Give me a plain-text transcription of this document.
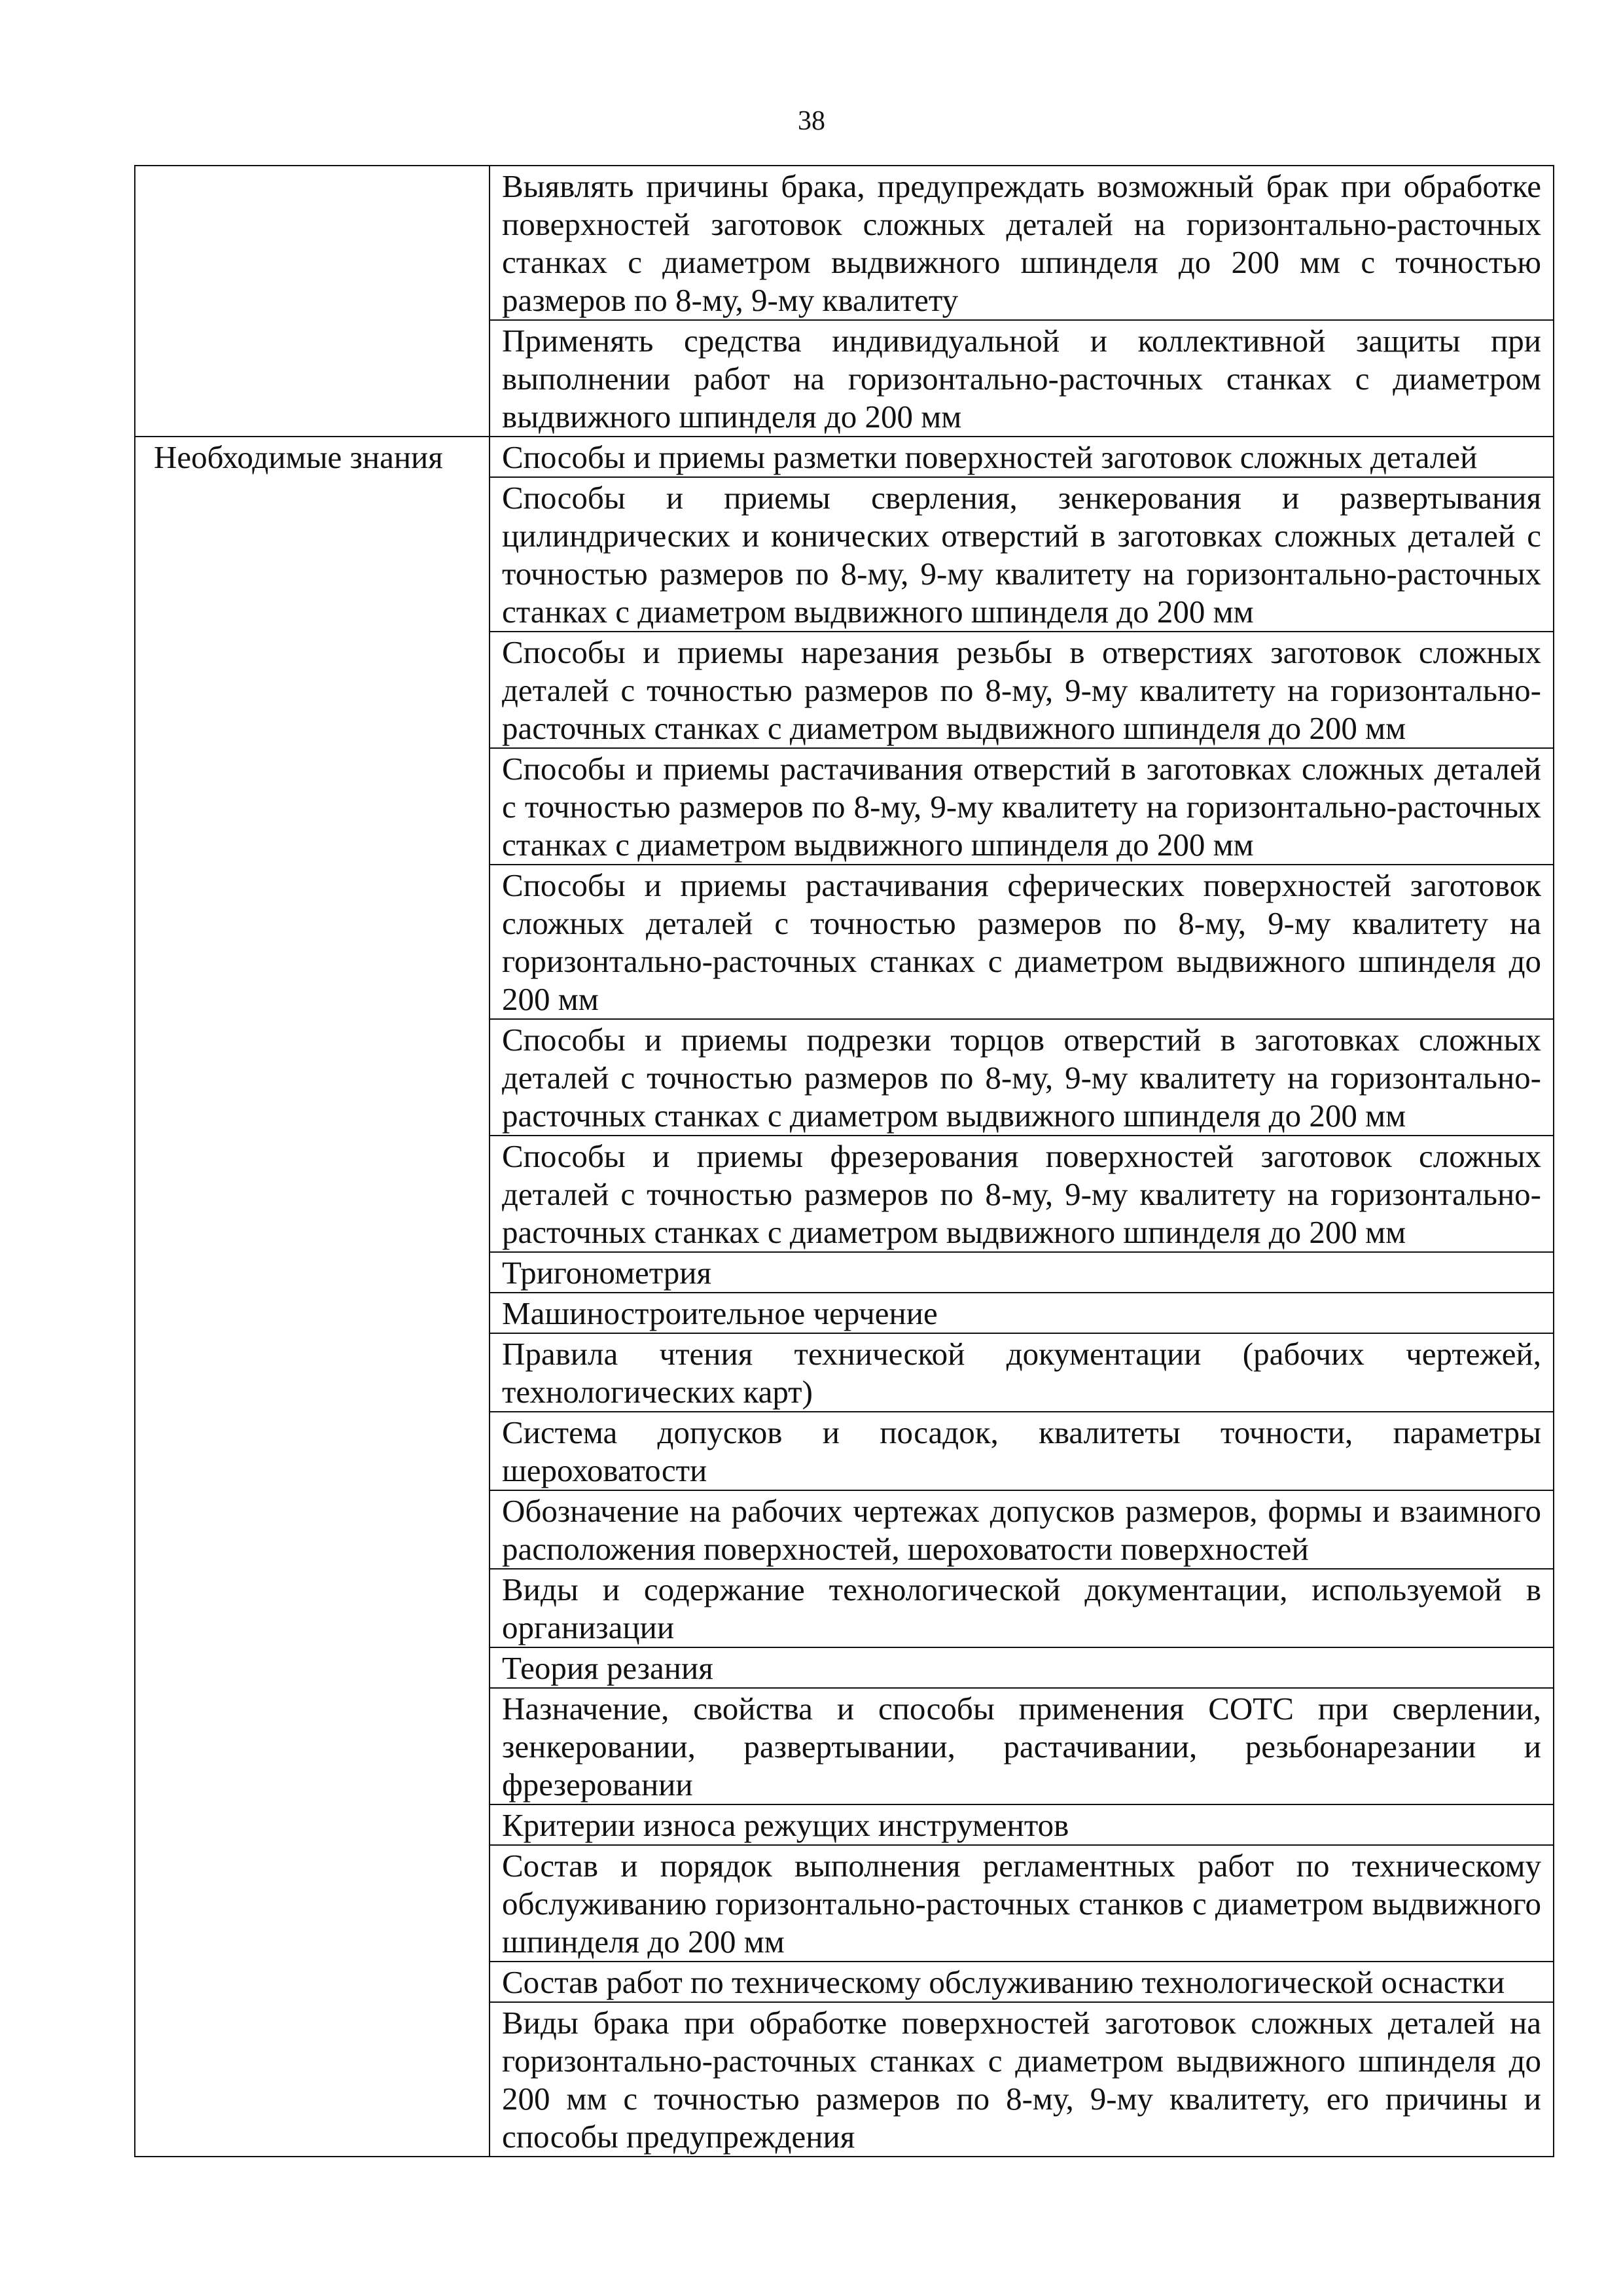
38
	Выявлять причины брака, предупреждать возможный брак при обработке поверхностей заготовок сложных деталей на горизонтально-расточных станках с диаметром выдвижного шпинделя до 200 мм с точностью размеров по 8-му, 9-му квалитету
	Применять средства индивидуальной и коллективной защиты при выполнении работ на горизонтально-расточных станках с диаметром выдвижного шпинделя до 200 мм
Необходимые знания	Способы и приемы разметки поверхностей заготовок сложных деталей
	Способы и приемы сверления, зенкерования и развертывания цилиндрических и конических отверстий в заготовках сложных деталей с точностью размеров по 8-му, 9-му квалитету на горизонтально-расточных станках с диаметром выдвижного шпинделя до 200 мм
	Способы и приемы нарезания резьбы в отверстиях заготовок сложных деталей с точностью размеров по 8-му, 9-му квалитету на горизонтально-расточных станках с диаметром выдвижного шпинделя до 200 мм
	Способы и приемы растачивания отверстий в заготовках сложных деталей с точностью размеров по 8-му, 9-му квалитету на горизонтально-расточных станках с диаметром выдвижного шпинделя до 200 мм
	Способы и приемы растачивания сферических поверхностей заготовок сложных деталей с точностью размеров по 8-му, 9-му квалитету на горизонтально-расточных станках с диаметром выдвижного шпинделя до 200 мм
	Способы и приемы подрезки торцов отверстий в заготовках сложных деталей с точностью размеров по 8-му, 9-му квалитету на горизонтально-расточных станках с диаметром выдвижного шпинделя до 200 мм
	Способы и приемы фрезерования поверхностей заготовок сложных деталей с точностью размеров по 8-му, 9-му квалитету на горизонтально-расточных станках с диаметром выдвижного шпинделя до 200 мм
	Тригонометрия
	Машиностроительное черчение
	Правила чтения технической документации (рабочих чертежей, технологических карт)
	Система допусков и посадок, квалитеты точности, параметры шероховатости
	Обозначение на рабочих чертежах допусков размеров, формы и взаимного расположения поверхностей, шероховатости поверхностей
	Виды и содержание технологической документации, используемой в организации
	Теория резания
	Назначение, свойства и способы применения СОТС при сверлении, зенкеровании, развертывании, растачивании, резьбонарезании и фрезеровании
	Критерии износа режущих инструментов
	Состав и порядок выполнения регламентных работ по техническому обслуживанию горизонтально-расточных станков с диаметром выдвижного шпинделя до 200 мм
	Состав работ по техническому обслуживанию технологической оснастки
	Виды брака при обработке поверхностей заготовок сложных деталей на горизонтально-расточных станках с диаметром выдвижного шпинделя до 200 мм с точностью размеров по 8-му, 9-му квалитету, его причины и способы предупреждения
